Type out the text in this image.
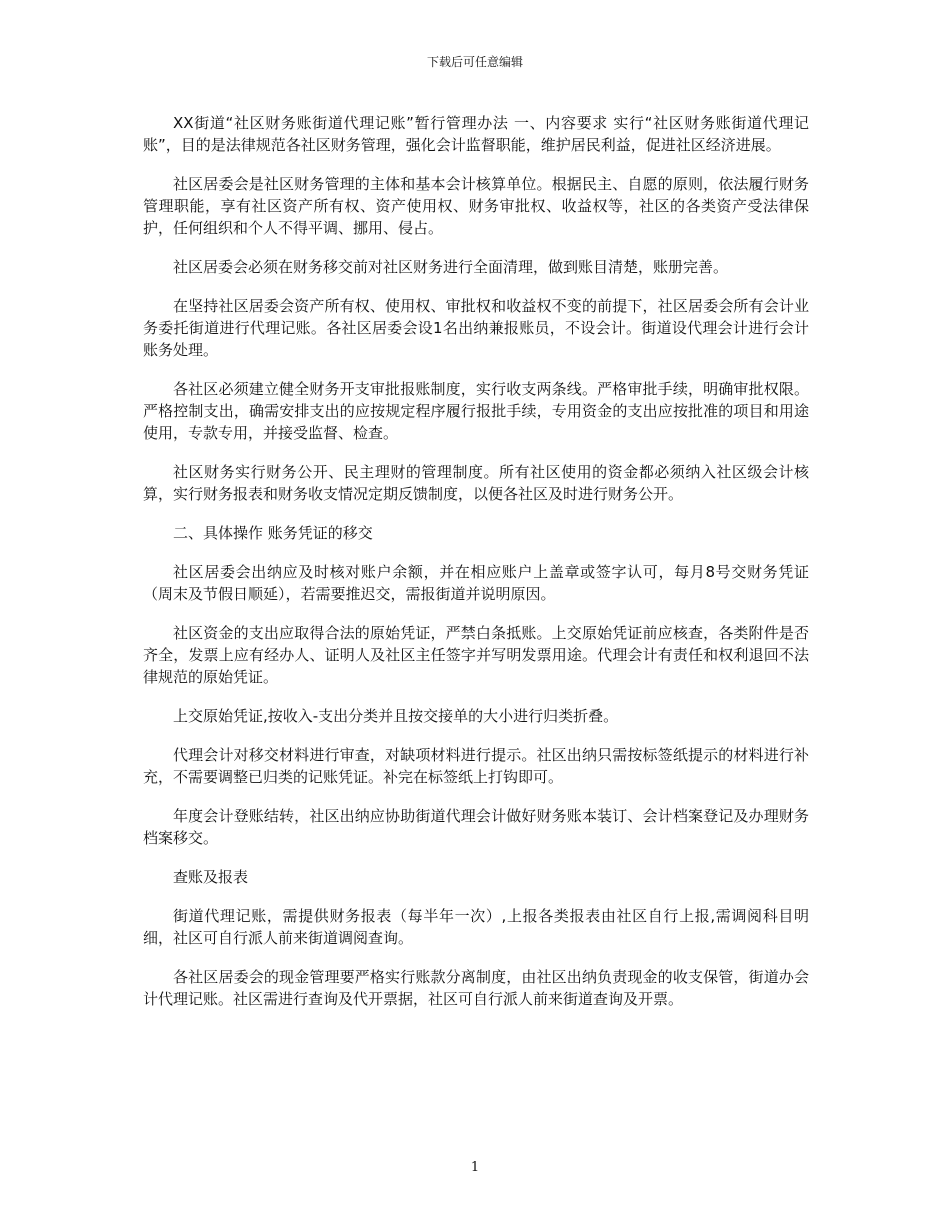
下载后可任意编辑

XX街道“社区财务账街道代理记账”暂行管理办法 一、内容要求 实行“社区财务账街道代理记账”，目的是法律规范各社区财务管理，强化会计监督职能，维护居民利益，促进社区经济进展。

社区居委会是社区财务管理的主体和基本会计核算单位。根据民主、自愿的原则，依法履行财务管理职能，享有社区资产所有权、资产使用权、财务审批权、收益权等，社区的各类资产受法律保护，任何组织和个人不得平调、挪用、侵占。

社区居委会必须在财务移交前对社区财务进行全面清理，做到账目清楚，账册完善。

在坚持社区居委会资产所有权、使用权、审批权和收益权不变的前提下，社区居委会所有会计业务委托街道进行代理记账。各社区居委会设1名出纳兼报账员，不设会计。街道设代理会计进行会计账务处理。

各社区必须建立健全财务开支审批报账制度，实行收支两条线。严格审批手续，明确审批权限。严格控制支出，确需安排支出的应按规定程序履行报批手续，专用资金的支出应按批准的项目和用途使用，专款专用，并接受监督、检查。

社区财务实行财务公开、民主理财的管理制度。所有社区使用的资金都必须纳入社区级会计核算，实行财务报表和财务收支情况定期反馈制度，以便各社区及时进行财务公开。

二、具体操作 账务凭证的移交

社区居委会出纳应及时核对账户余额，并在相应账户上盖章或签字认可，每月8号交财务凭证（周末及节假日顺延），若需要推迟交，需报街道并说明原因。

社区资金的支出应取得合法的原始凭证，严禁白条抵账。上交原始凭证前应核查，各类附件是否齐全，发票上应有经办人、证明人及社区主任签字并写明发票用途。代理会计有责任和权利退回不法律规范的原始凭证。

上交原始凭证,按收入-支出分类并且按交接单的大小进行归类折叠。

代理会计对移交材料进行审查，对缺项材料进行提示。社区出纳只需按标签纸提示的材料进行补充，不需要调整已归类的记账凭证。补完在标签纸上打钩即可。

年度会计登账结转，社区出纳应协助街道代理会计做好财务账本装订、会计档案登记及办理财务档案移交。

查账及报表

街道代理记账，需提供财务报表（每半年一次）,上报各类报表由社区自行上报,需调阅科目明细，社区可自行派人前来街道调阅查询。

各社区居委会的现金管理要严格实行账款分离制度，由社区出纳负责现金的收支保管，街道办会计代理记账。社区需进行查询及代开票据，社区可自行派人前来街道查询及开票。

1
